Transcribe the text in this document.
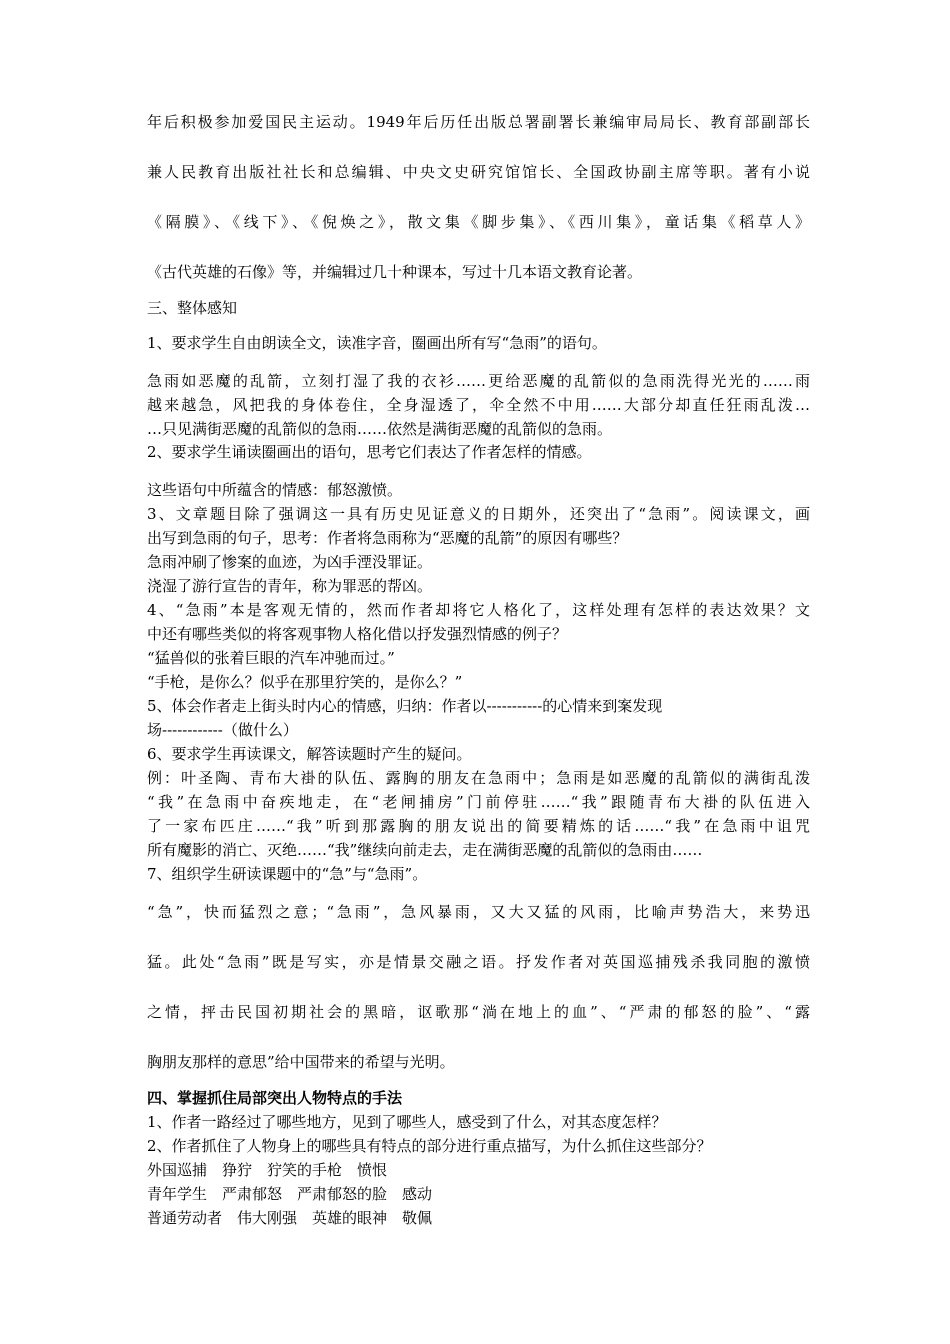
年后积极参加爱国民主运动。1949年后历任出版总署副署长兼编审局局长、教育部副部长

兼人民教育出版社社长和总编辑、中央文史研究馆馆长、全国政协副主席等职。著有小说

《隔膜》、《线下》、《倪焕之》，散文集《脚步集》、《西川集》，童话集《稻草人》

《古代英雄的石像》等，并编辑过几十种课本，写过十几本语文教育论著。

三、整体感知

1、要求学生自由朗读全文，读准字音，圈画出所有写“急雨”的语句。

急雨如恶魔的乱箭，立刻打湿了我的衣衫……更给恶魔的乱箭似的急雨洗得光光的……雨

越来越急，风把我的身体卷住，全身湿透了，伞全然不中用……大部分却直任狂雨乱泼…

…只见满街恶魔的乱箭似的急雨……依然是满街恶魔的乱箭似的急雨。

2、要求学生诵读圈画出的语句，思考它们表达了作者怎样的情感。

这些语句中所蕴含的情感：郁怒激愤。

3、文章题目除了强调这一具有历史见证意义的日期外，还突出了“急雨”。阅读课文，画

出写到急雨的句子，思考：作者将急雨称为“恶魔的乱箭”的原因有哪些？

急雨冲刷了惨案的血迹，为凶手湮没罪证。

浇湿了游行宣告的青年，称为罪恶的帮凶。

4、“急雨”本是客观无情的，然而作者却将它人格化了，这样处理有怎样的表达效果？文

中还有哪些类似的将客观事物人格化借以抒发强烈情感的例子？

“猛兽似的张着巨眼的汽车冲驰而过。”

“手枪，是你么？似乎在那里狞笑的，是你么？”

5、体会作者走上街头时内心的情感，归纳：作者以-----------的心情来到案发现

场------------（做什么）

6、要求学生再读课文，解答读题时产生的疑问。

例：叶圣陶、青布大褂的队伍、露胸的朋友在急雨中；急雨是如恶魔的乱箭似的满街乱泼

“我”在急雨中奋疾地走，在“老闸捕房”门前停驻……“我”跟随青布大褂的队伍进入

了一家布匹庄……“我”听到那露胸的朋友说出的简要精炼的话……“我”在急雨中诅咒

所有魔影的消亡、灭绝……“我”继续向前走去，走在满街恶魔的乱箭似的急雨由……

7、组织学生研读课题中的“急”与“急雨”。

“急”，快而猛烈之意；“急雨”，急风暴雨，又大又猛的风雨，比喻声势浩大，来势迅

猛。此处“急雨”既是写实，亦是情景交融之语。抒发作者对英国巡捕残杀我同胞的激愤

之情，抨击民国初期社会的黑暗，讴歌那“淌在地上的血”、“严肃的郁怒的脸”、“露

胸朋友那样的意思”给中国带来的希望与光明。

四、掌握抓住局部突出人物特点的手法

1、作者一路经过了哪些地方，见到了哪些人，感受到了什么，对其态度怎样？

2、作者抓住了人物身上的哪些具有特点的部分进行重点描写，为什么抓住这些部分？

外国巡捕　狰狞　狞笑的手枪　愤恨

青年学生　严肃郁怒　严肃郁怒的脸　感动

普通劳动者　伟大刚强　英雄的眼神　敬佩
